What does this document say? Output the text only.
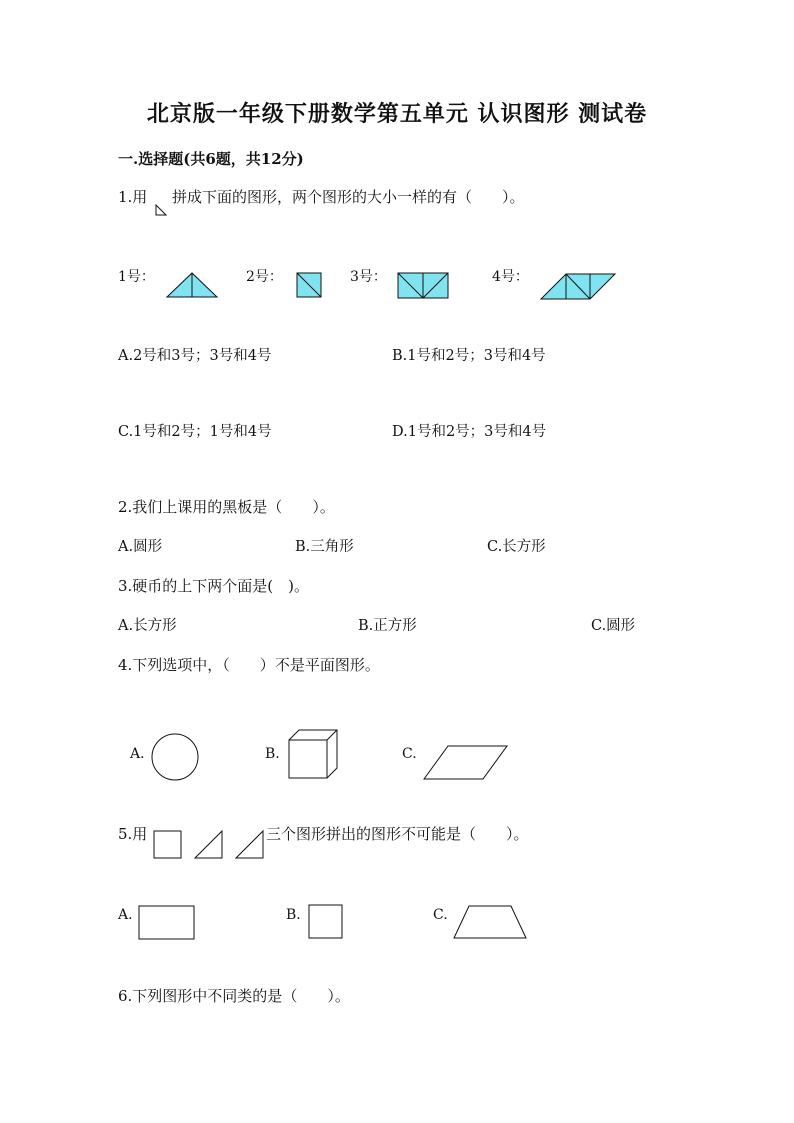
北京版一年级下册数学第五单元 认识图形 测试卷
一.选择题(共6题，共12分)
1.用 拼成下面的图形，两个图形的大小一样的有（　　）。
1号：	2号：	3号：	4号：
A.2号和3号；3号和4号	B.1号和2号；3号和4号
C.1号和2号；1号和4号	D.1号和2号；3号和4号
2.我们上课用的黑板是（　　）。
A.圆形	B.三角形	C.长方形
3.硬币的上下两个面是(　)。
A.长方形	B.正方形	C.圆形
4.下列选项中，（　　）不是平面图形。
A.	B.	C.
5.用	三个图形拼出的图形不可能是（　　）。
A.	B.	C.
6.下列图形中不同类的是（　　）。
